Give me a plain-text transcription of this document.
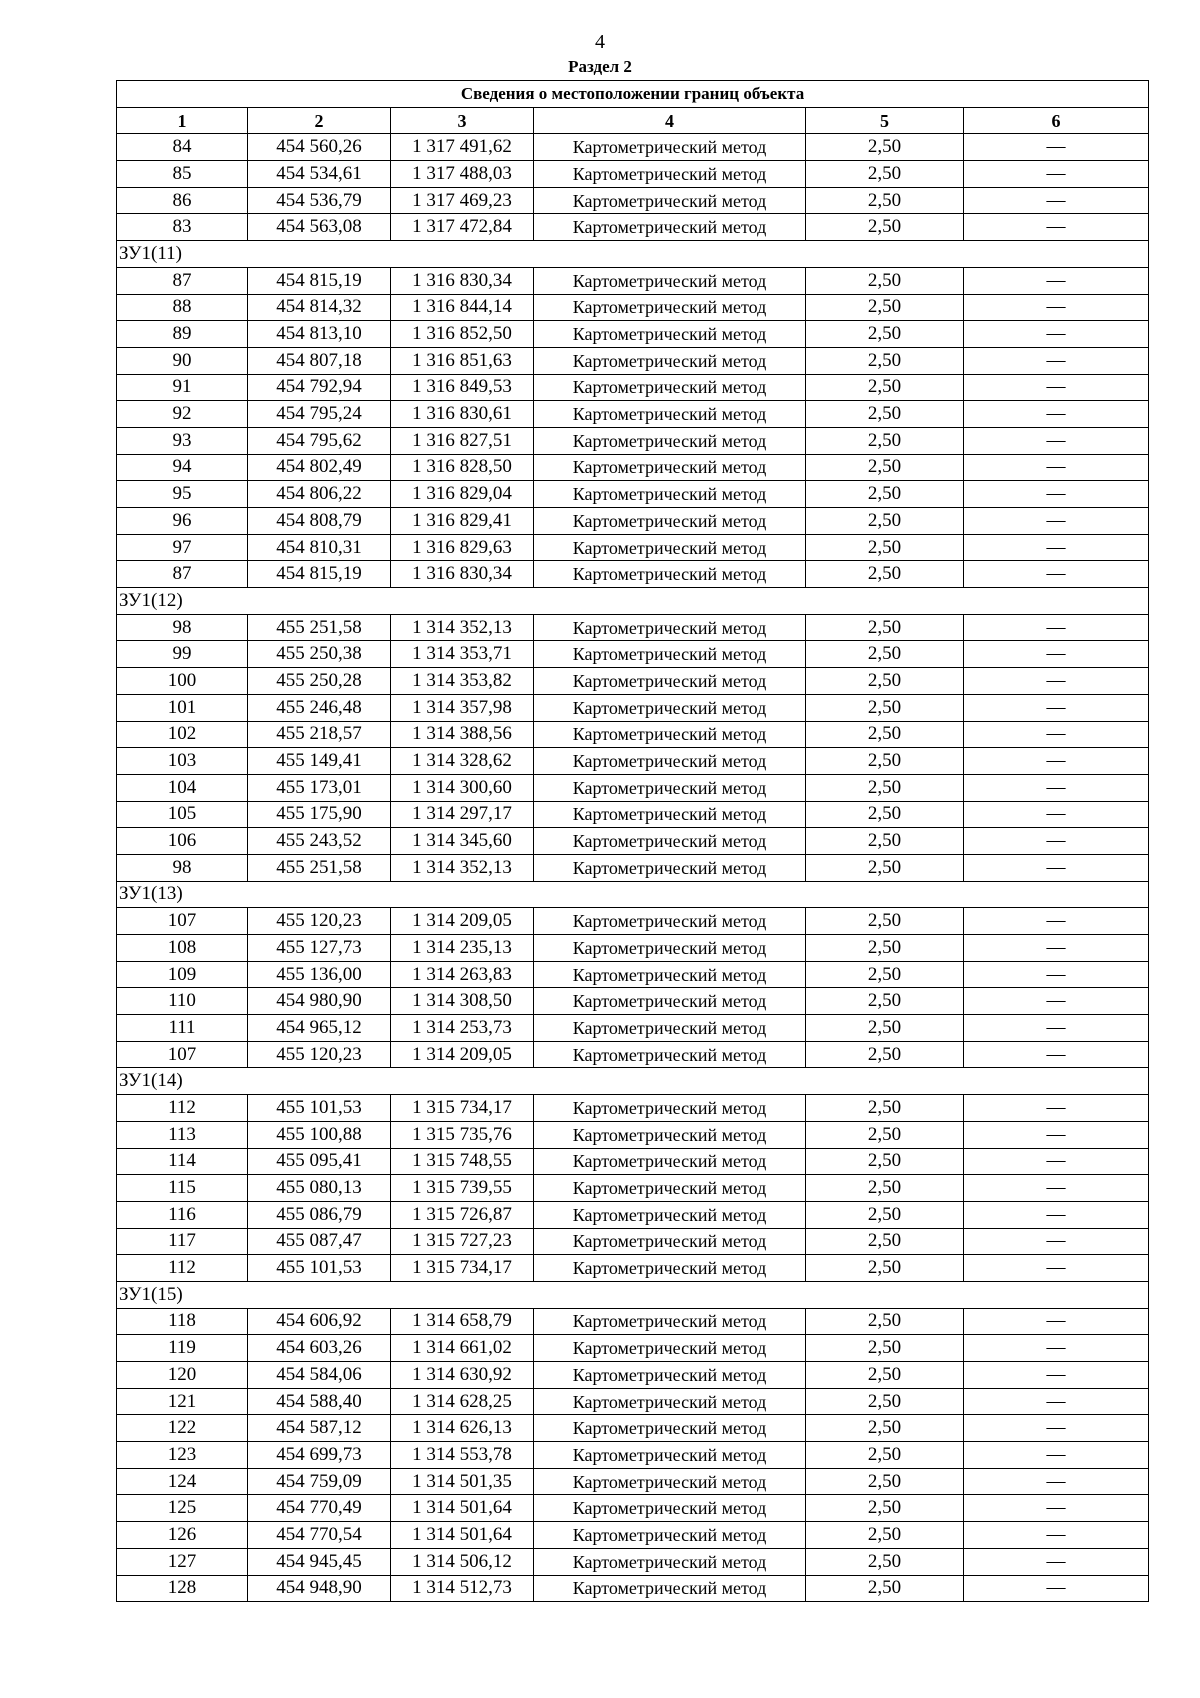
4
Раздел 2
Сведения о местоположении границ объекта					
1	2	3	4	5	6
84	454 560,26	1 317 491,62	Картометрический метод	2,50	—
85	454 534,61	1 317 488,03	Картометрический метод	2,50	—
86	454 536,79	1 317 469,23	Картометрический метод	2,50	—
83	454 563,08	1 317 472,84	Картометрический метод	2,50	—
ЗУ1(11)					
87	454 815,19	1 316 830,34	Картометрический метод	2,50	—
88	454 814,32	1 316 844,14	Картометрический метод	2,50	—
89	454 813,10	1 316 852,50	Картометрический метод	2,50	—
90	454 807,18	1 316 851,63	Картометрический метод	2,50	—
91	454 792,94	1 316 849,53	Картометрический метод	2,50	—
92	454 795,24	1 316 830,61	Картометрический метод	2,50	—
93	454 795,62	1 316 827,51	Картометрический метод	2,50	—
94	454 802,49	1 316 828,50	Картометрический метод	2,50	—
95	454 806,22	1 316 829,04	Картометрический метод	2,50	—
96	454 808,79	1 316 829,41	Картометрический метод	2,50	—
97	454 810,31	1 316 829,63	Картометрический метод	2,50	—
87	454 815,19	1 316 830,34	Картометрический метод	2,50	—
ЗУ1(12)					
98	455 251,58	1 314 352,13	Картометрический метод	2,50	—
99	455 250,38	1 314 353,71	Картометрический метод	2,50	—
100	455 250,28	1 314 353,82	Картометрический метод	2,50	—
101	455 246,48	1 314 357,98	Картометрический метод	2,50	—
102	455 218,57	1 314 388,56	Картометрический метод	2,50	—
103	455 149,41	1 314 328,62	Картометрический метод	2,50	—
104	455 173,01	1 314 300,60	Картометрический метод	2,50	—
105	455 175,90	1 314 297,17	Картометрический метод	2,50	—
106	455 243,52	1 314 345,60	Картометрический метод	2,50	—
98	455 251,58	1 314 352,13	Картометрический метод	2,50	—
ЗУ1(13)					
107	455 120,23	1 314 209,05	Картометрический метод	2,50	—
108	455 127,73	1 314 235,13	Картометрический метод	2,50	—
109	455 136,00	1 314 263,83	Картометрический метод	2,50	—
110	454 980,90	1 314 308,50	Картометрический метод	2,50	—
111	454 965,12	1 314 253,73	Картометрический метод	2,50	—
107	455 120,23	1 314 209,05	Картометрический метод	2,50	—
ЗУ1(14)					
112	455 101,53	1 315 734,17	Картометрический метод	2,50	—
113	455 100,88	1 315 735,76	Картометрический метод	2,50	—
114	455 095,41	1 315 748,55	Картометрический метод	2,50	—
115	455 080,13	1 315 739,55	Картометрический метод	2,50	—
116	455 086,79	1 315 726,87	Картометрический метод	2,50	—
117	455 087,47	1 315 727,23	Картометрический метод	2,50	—
112	455 101,53	1 315 734,17	Картометрический метод	2,50	—
ЗУ1(15)					
118	454 606,92	1 314 658,79	Картометрический метод	2,50	—
119	454 603,26	1 314 661,02	Картометрический метод	2,50	—
120	454 584,06	1 314 630,92	Картометрический метод	2,50	—
121	454 588,40	1 314 628,25	Картометрический метод	2,50	—
122	454 587,12	1 314 626,13	Картометрический метод	2,50	—
123	454 699,73	1 314 553,78	Картометрический метод	2,50	—
124	454 759,09	1 314 501,35	Картометрический метод	2,50	—
125	454 770,49	1 314 501,64	Картометрический метод	2,50	—
126	454 770,54	1 314 501,64	Картометрический метод	2,50	—
127	454 945,45	1 314 506,12	Картометрический метод	2,50	—
128	454 948,90	1 314 512,73	Картометрический метод	2,50	—
